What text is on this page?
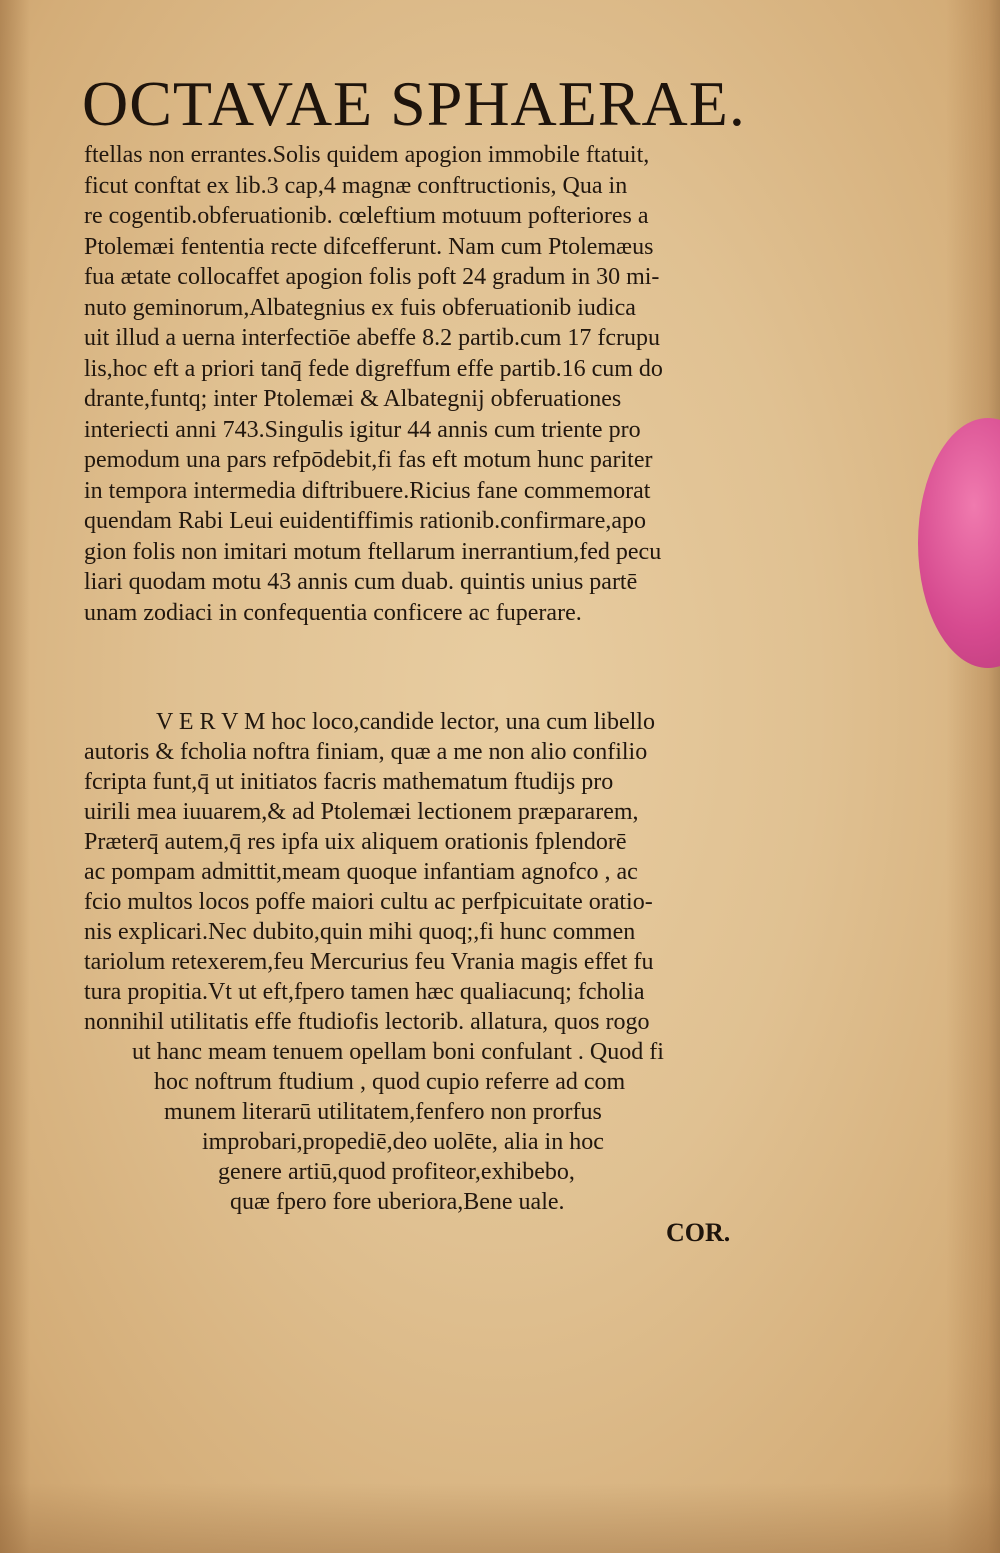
OCTAVAE SPHAERAE.
ftellas non errantes.Solis quidem apogion immobile ftatuit,
ficut conftat ex lib.3 cap,4 magnæ conftructionis, Qua in
re cogentib.obferuationib. cœleftium motuum pofteriores a
Ptolemæi fententia recte difcefferunt. Nam cum Ptolemæus
fua ætate collocaffet apogion folis poft 24 gradum in 30 mi-
nuto geminorum,Albategnius ex fuis obferuationib iudica
uit illud a uerna interfectiōe abeffe 8.2 partib.cum 17 fcrupu
lis,hoc eft a priori tanq̄ fede digreffum effe partib.16 cum do
drante,funtq; inter Ptolemæi & Albategnij obferuationes
interiecti anni 743.Singulis igitur 44 annis cum triente pro
pemodum una pars refpōdebit,fi fas eft motum hunc pariter
in tempora intermedia diftribuere.Ricius fane commemorat
quendam Rabi Leui euidentiffimis rationib.confirmare,apo
gion folis non imitari motum ftellarum inerrantium,fed pecu
liari quodam motu 43 annis cum duab. quintis unius partē
unam zodiaci in confequentia conficere ac fuperare.
V E R V M hoc loco,candide lector, una cum libello
autoris & fcholia noftra finiam, quæ a me non alio confilio
fcripta funt,q̄ ut initiatos facris mathematum ftudijs pro
uirili mea iuuarem,& ad Ptolemæi lectionem præpararem,
Præterq̄ autem,q̄ res ipfa uix aliquem orationis fplendorē
ac pompam admittit,meam quoque infantiam agnofco , ac
fcio multos locos poffe maiori cultu ac perfpicuitate oratio-
nis explicari.Nec dubito,quin mihi quoq;,fi hunc commen
tariolum retexerem,feu Mercurius feu Vrania magis effet fu
tura propitia.Vt ut eft,fpero tamen hæc qualiacunq; fcholia
nonnihil utilitatis effe ftudiofis lectorib. allatura, quos rogo
ut hanc meam tenuem opellam boni confulant . Quod fi
hoc noftrum ftudium , quod cupio referre ad com
munem literarū utilitatem,fenfero non prorfus
improbari,propediē,deo uolēte, alia in hoc
genere artiū,quod profiteor,exhibebo,
quæ fpero fore uberiora,Bene uale.
COR.
